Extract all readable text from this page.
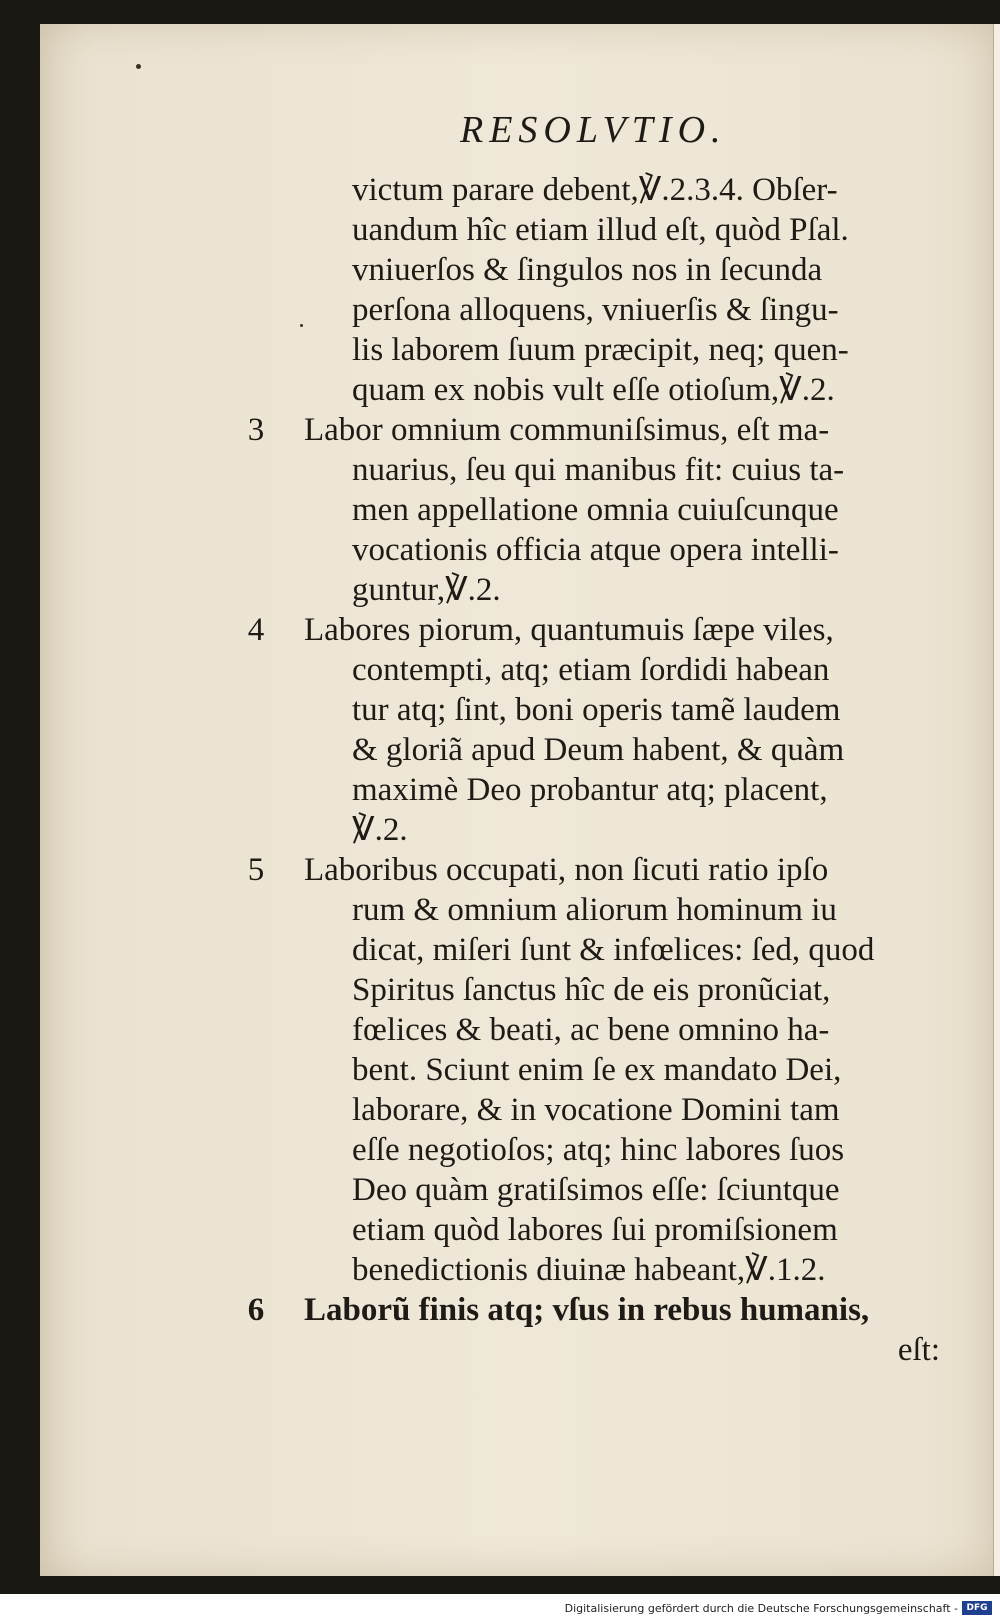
RESOLVTIO.
victum parare debent,℣.2.3.4. Obſer-
uandum hîc etiam illud eſt, quòd Pſal.
vniuerſos & ſingulos nos in ſecunda
perſona alloquens, vniuerſis & ſingu-
lis laborem ſuum præcipit, neq; quen-
quam ex nobis vult eſſe otioſum,℣.2.
3	Labor omnium communiſsimus, eſt ma-
nuarius, ſeu qui manibus fit: cuius ta-
men appellatione omnia cuiuſcunque
vocationis officia atque opera intelli-
guntur,℣.2.
4	Labores piorum, quantumuis ſæpe viles,
contempti, atq; etiam ſordidi habean
tur atq; ſint, boni operis tamẽ laudem
& gloriã apud Deum habent, & quàm
maximè Deo probantur atq; placent,
℣.2.
5	Laboribus occupati, non ſicuti ratio ipſo
rum & omnium aliorum hominum iu
dicat, miſeri ſunt & infœlices: ſed, quod
Spiritus ſanctus hîc de eis pronũciat,
fœlices & beati, ac bene omnino ha-
bent. Sciunt enim ſe ex mandato Dei,
laborare, & in vocatione Domini tam
eſſe negotioſos; atq; hinc labores ſuos
Deo quàm gratiſsimos eſſe: ſciuntque
etiam quòd labores ſui promiſsionem
benedictionis diuinæ habeant,℣.1.2.
6	Laborũ finis atq; vſus in rebus humanis,
eſt:
Digitalisierung gefördert durch die Deutsche Forschungsgemeinschaft - DFG
